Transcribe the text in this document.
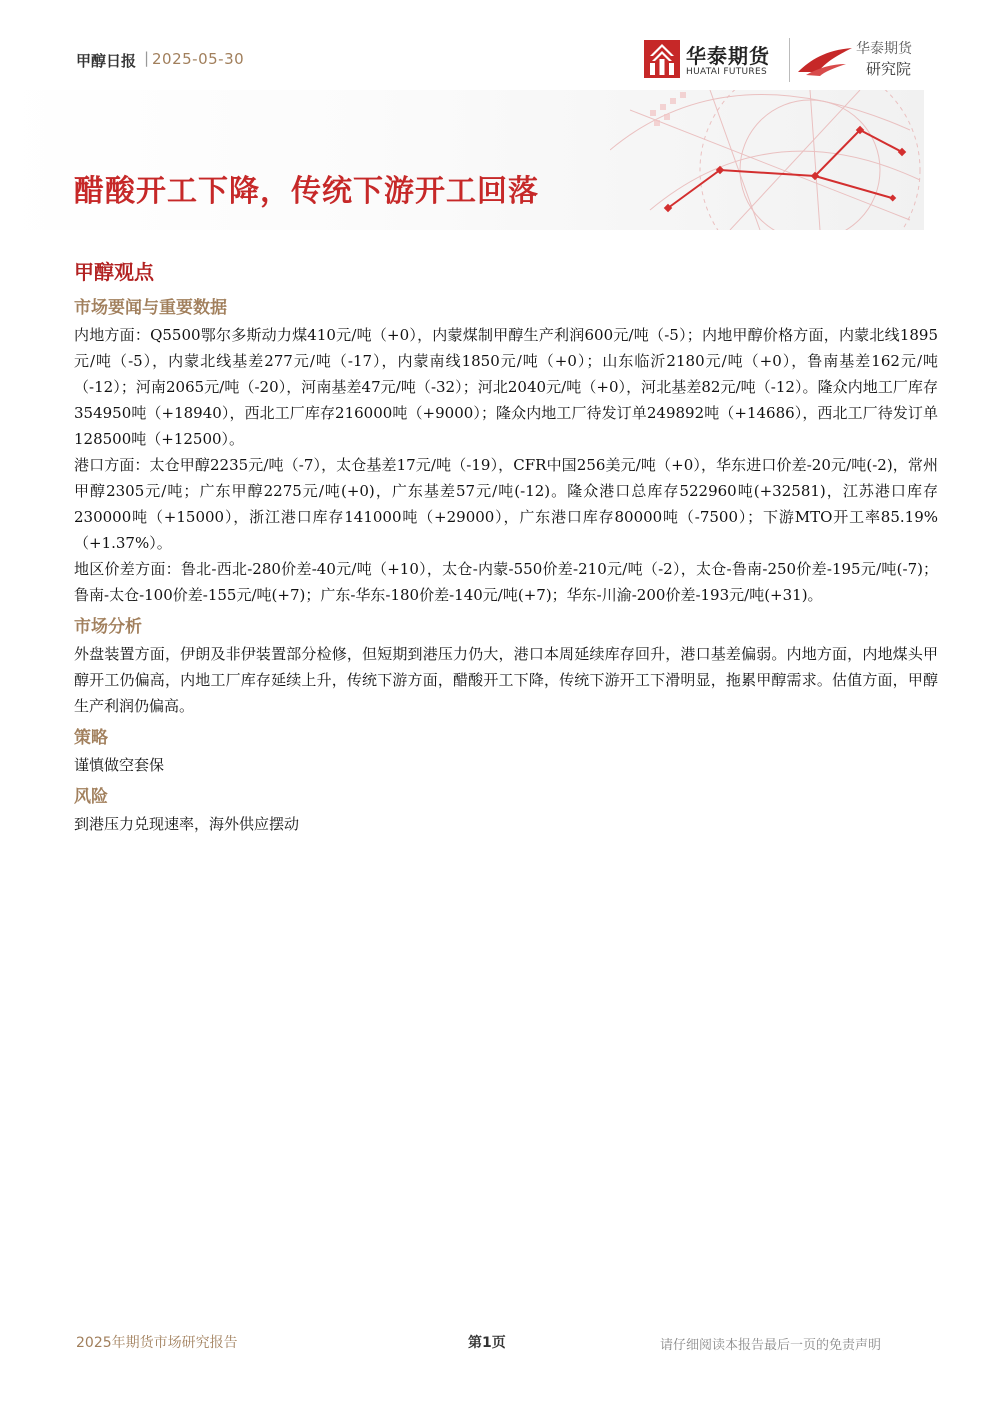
甲醇日报 | 2025-05-30	华泰期货
HUATAI FUTURES
华泰期货
研究院
醋酸开工下降，传统下游开工回落
甲醇观点
市场要闻与重要数据

内地方面：Q5500鄂尔多斯动力煤410元/吨（+0），内蒙煤制甲醇生产利润600元/吨（-5）；内地甲醇价格方面，内蒙北线1895元/吨（-5），内蒙北线基差277元/吨（-17），内蒙南线1850元/吨（+0）；山东临沂2180元/吨（+0），鲁南基差162元/吨（-12）；河南2065元/吨（-20），河南基差47元/吨（-32）；河北2040元/吨（+0），河北基差82元/吨（-12）。隆众内地工厂库存354950吨（+18940），西北工厂库存216000吨（+9000）；隆众内地工厂待发订单249892吨（+14686），西北工厂待发订单128500吨（+12500）。

港口方面：太仓甲醇2235元/吨（-7），太仓基差17元/吨（-19），CFR中国256美元/吨（+0），华东进口价差-20元/吨(-2)，常州甲醇2305元/吨；广东甲醇2275元/吨(+0)，广东基差57元/吨(-12)。隆众港口总库存522960吨(+32581)，江苏港口库存230000吨（+15000），浙江港口库存141000吨（+29000），广东港口库存80000吨（-7500）；下游MTO开工率85.19%（+1.37%）。

地区价差方面：鲁北-西北-280价差-40元/吨（+10），太仓-内蒙-550价差-210元/吨（-2），太仓-鲁南-250价差-195元/吨(-7)；鲁南-太仓-100价差-155元/吨(+7)；广东-华东-180价差-140元/吨(+7)；华东-川渝-200价差-193元/吨(+31)。

市场分析

外盘装置方面，伊朗及非伊装置部分检修，但短期到港压力仍大，港口本周延续库存回升，港口基差偏弱。内地方面，内地煤头甲醇开工仍偏高，内地工厂库存延续上升，传统下游方面，醋酸开工下降，传统下游开工下滑明显，拖累甲醇需求。估值方面，甲醇生产利润仍偏高。

策略

谨慎做空套保

风险

到港压力兑现速率，海外供应摆动

2025年期货市场研究报告	第1页	请仔细阅读本报告最后一页的免责声明
